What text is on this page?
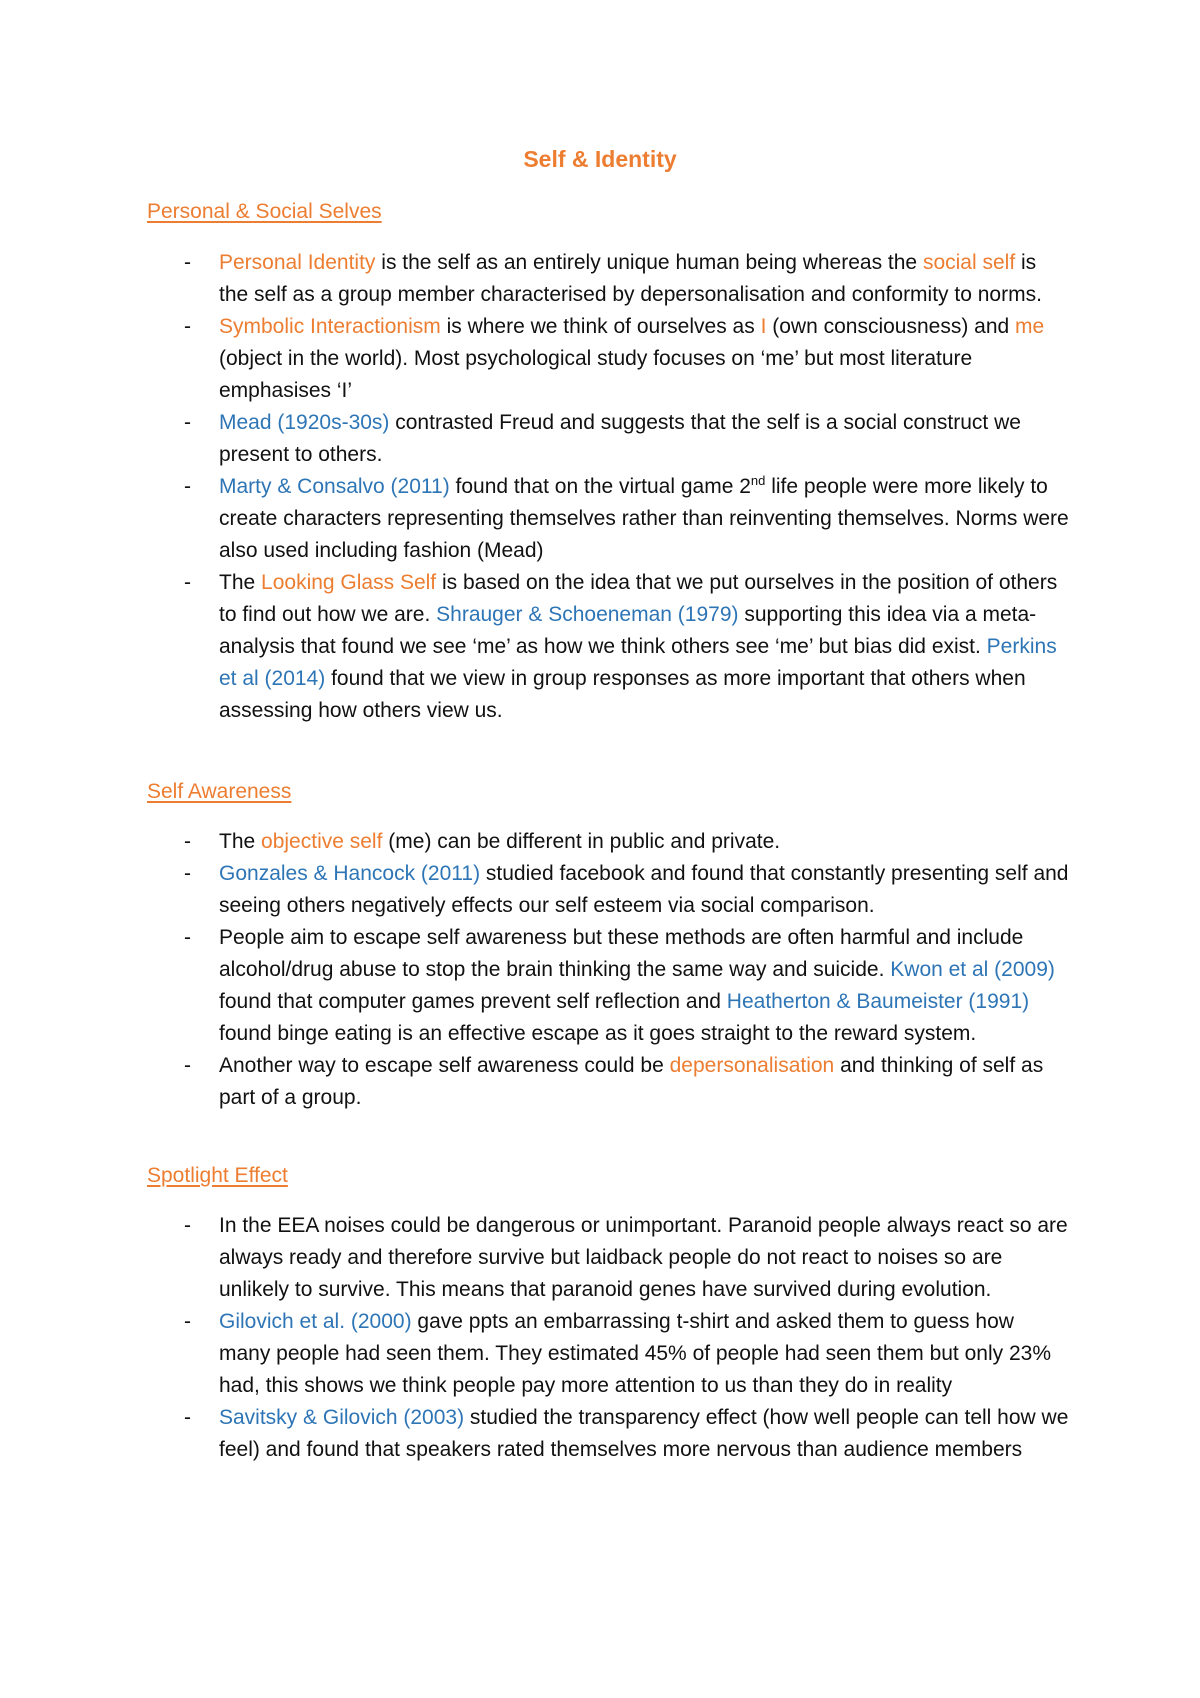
Self & Identity
Personal & Social Selves
- Personal Identity is the self as an entirely unique human being whereas the social self is the self as a group member characterised by depersonalisation and conformity to norms.
- Symbolic Interactionism is where we think of ourselves as I (own consciousness) and me (object in the world). Most psychological study focuses on ‘me’ but most literature emphasises ‘I’
- Mead (1920s-30s) contrasted Freud and suggests that the self is a social construct we present to others.
- Marty & Consalvo (2011) found that on the virtual game 2nd life people were more likely to create characters representing themselves rather than reinventing themselves. Norms were also used including fashion (Mead)
- The Looking Glass Self is based on the idea that we put ourselves in the position of others to find out how we are. Shrauger & Schoeneman (1979) supporting this idea via a meta-analysis that found we see ‘me’ as how we think others see ‘me’ but bias did exist. Perkins et al (2014) found that we view in group responses as more important that others when assessing how others view us.
Self Awareness
- The objective self (me) can be different in public and private.
- Gonzales & Hancock (2011) studied facebook and found that constantly presenting self and seeing others negatively effects our self esteem via social comparison.
- People aim to escape self awareness but these methods are often harmful and include alcohol/drug abuse to stop the brain thinking the same way and suicide. Kwon et al (2009) found that computer games prevent self reflection and Heatherton & Baumeister (1991) found binge eating is an effective escape as it goes straight to the reward system.
- Another way to escape self awareness could be depersonalisation and thinking of self as part of a group.
Spotlight Effect
- In the EEA noises could be dangerous or unimportant. Paranoid people always react so are always ready and therefore survive but laidback people do not react to noises so are unlikely to survive. This means that paranoid genes have survived during evolution.
- Gilovich et al. (2000) gave ppts an embarrassing t-shirt and asked them to guess how many people had seen them. They estimated 45% of people had seen them but only 23% had, this shows we think people pay more attention to us than they do in reality
- Savitsky & Gilovich (2003) studied the transparency effect (how well people can tell how we feel) and found that speakers rated themselves more nervous than audience members
